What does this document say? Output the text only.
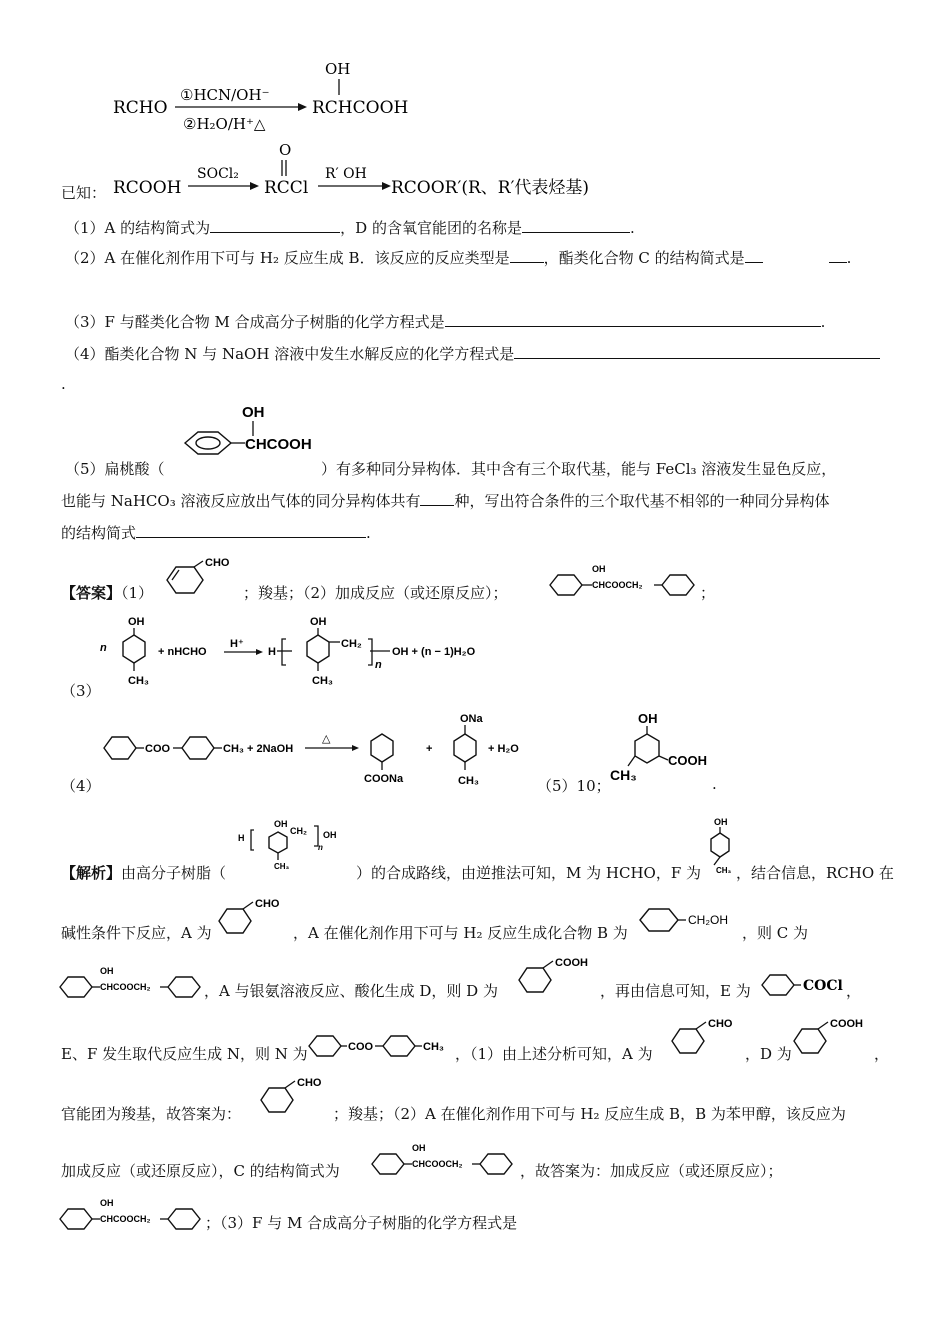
RCHO
①HCN/OH⁻
②H₂O/H⁺△
OH
RCHCOOH
RCOOH
SOCl₂
O
RCCl
R′ OH
RCOOR′(R、R′代表烃基)
已知：
（1）A 的结构简式为	，D 的含氧官能团的名称是	.
（2）A 在催化剂作用下可与 H₂ 反应生成 B．该反应的反应类型是 ，酯类化合物 C 的结构简式是	.
（3）F 与醛类化合物 M 合成高分子树脂的化学方程式是	.
（4）酯类化合物 N 与 NaOH 溶液中发生水解反应的化学方程式是
.
（5）扁桃酸（
OH
CHCOOH
）有多种同分异构体．其中含有三个取代基，能与 FeCl₃ 溶液发生显色反应，
也能与 NaHCO₃ 溶液反应放出气体的同分异构体共有 种，写出符合条件的三个取代基不相邻的一种同分异构体
的结构简式	.
【答案】（1）
CHO
；羧基；（2）加成反应（或还原反应）；
OH
CHCOOCH₂	；
（3）
n
OH
CH₃
+ nHCHO
H⁺
H
OH
CH₃
CH₂
n
OH + (n − 1)H₂O
（4）
COO	CH₃ + 2NaOH
△
COONa
+
ONa
CH₃
+ H₂O
（5）10；
OH
COOH
CH₃	.
【解析】由高分子树脂（
H
OH
CH₃
CH₂
n
OH
）的合成路线，由逆推法可知，M 为 HCHO，F 为
OH
CH₃ ，结合信息，RCHO 在
碱性条件下反应，A 为
CHO
，A 在催化剂作用下可与 H₂ 反应生成化合物 B 为
CH₂OH
，则 C 为
OH
CHCOOCH₂	，A 与银氨溶液反应、酸化生成 D，则 D 为
COOH
，再由信息可知，E 为	COCl ，
E、F 发生取代反应生成 N，则 N 为	COO	CH₃ ，（1）由上述分析可知，A 为
CHO
，D 为
COOH
，
官能团为羧基，故答案为：
CHO
；羧基；（2）A 在催化剂作用下可与 H₂ 反应生成 B，B 为苯甲醇，该反应为
加成反应（或还原反应），C 的结构简式为
OH
CHCOOCH₂	，故答案为：加成反应（或还原反应）；
OH
CHCOOCH₂	；（3）F 与 M 合成高分子树脂的化学方程式是
